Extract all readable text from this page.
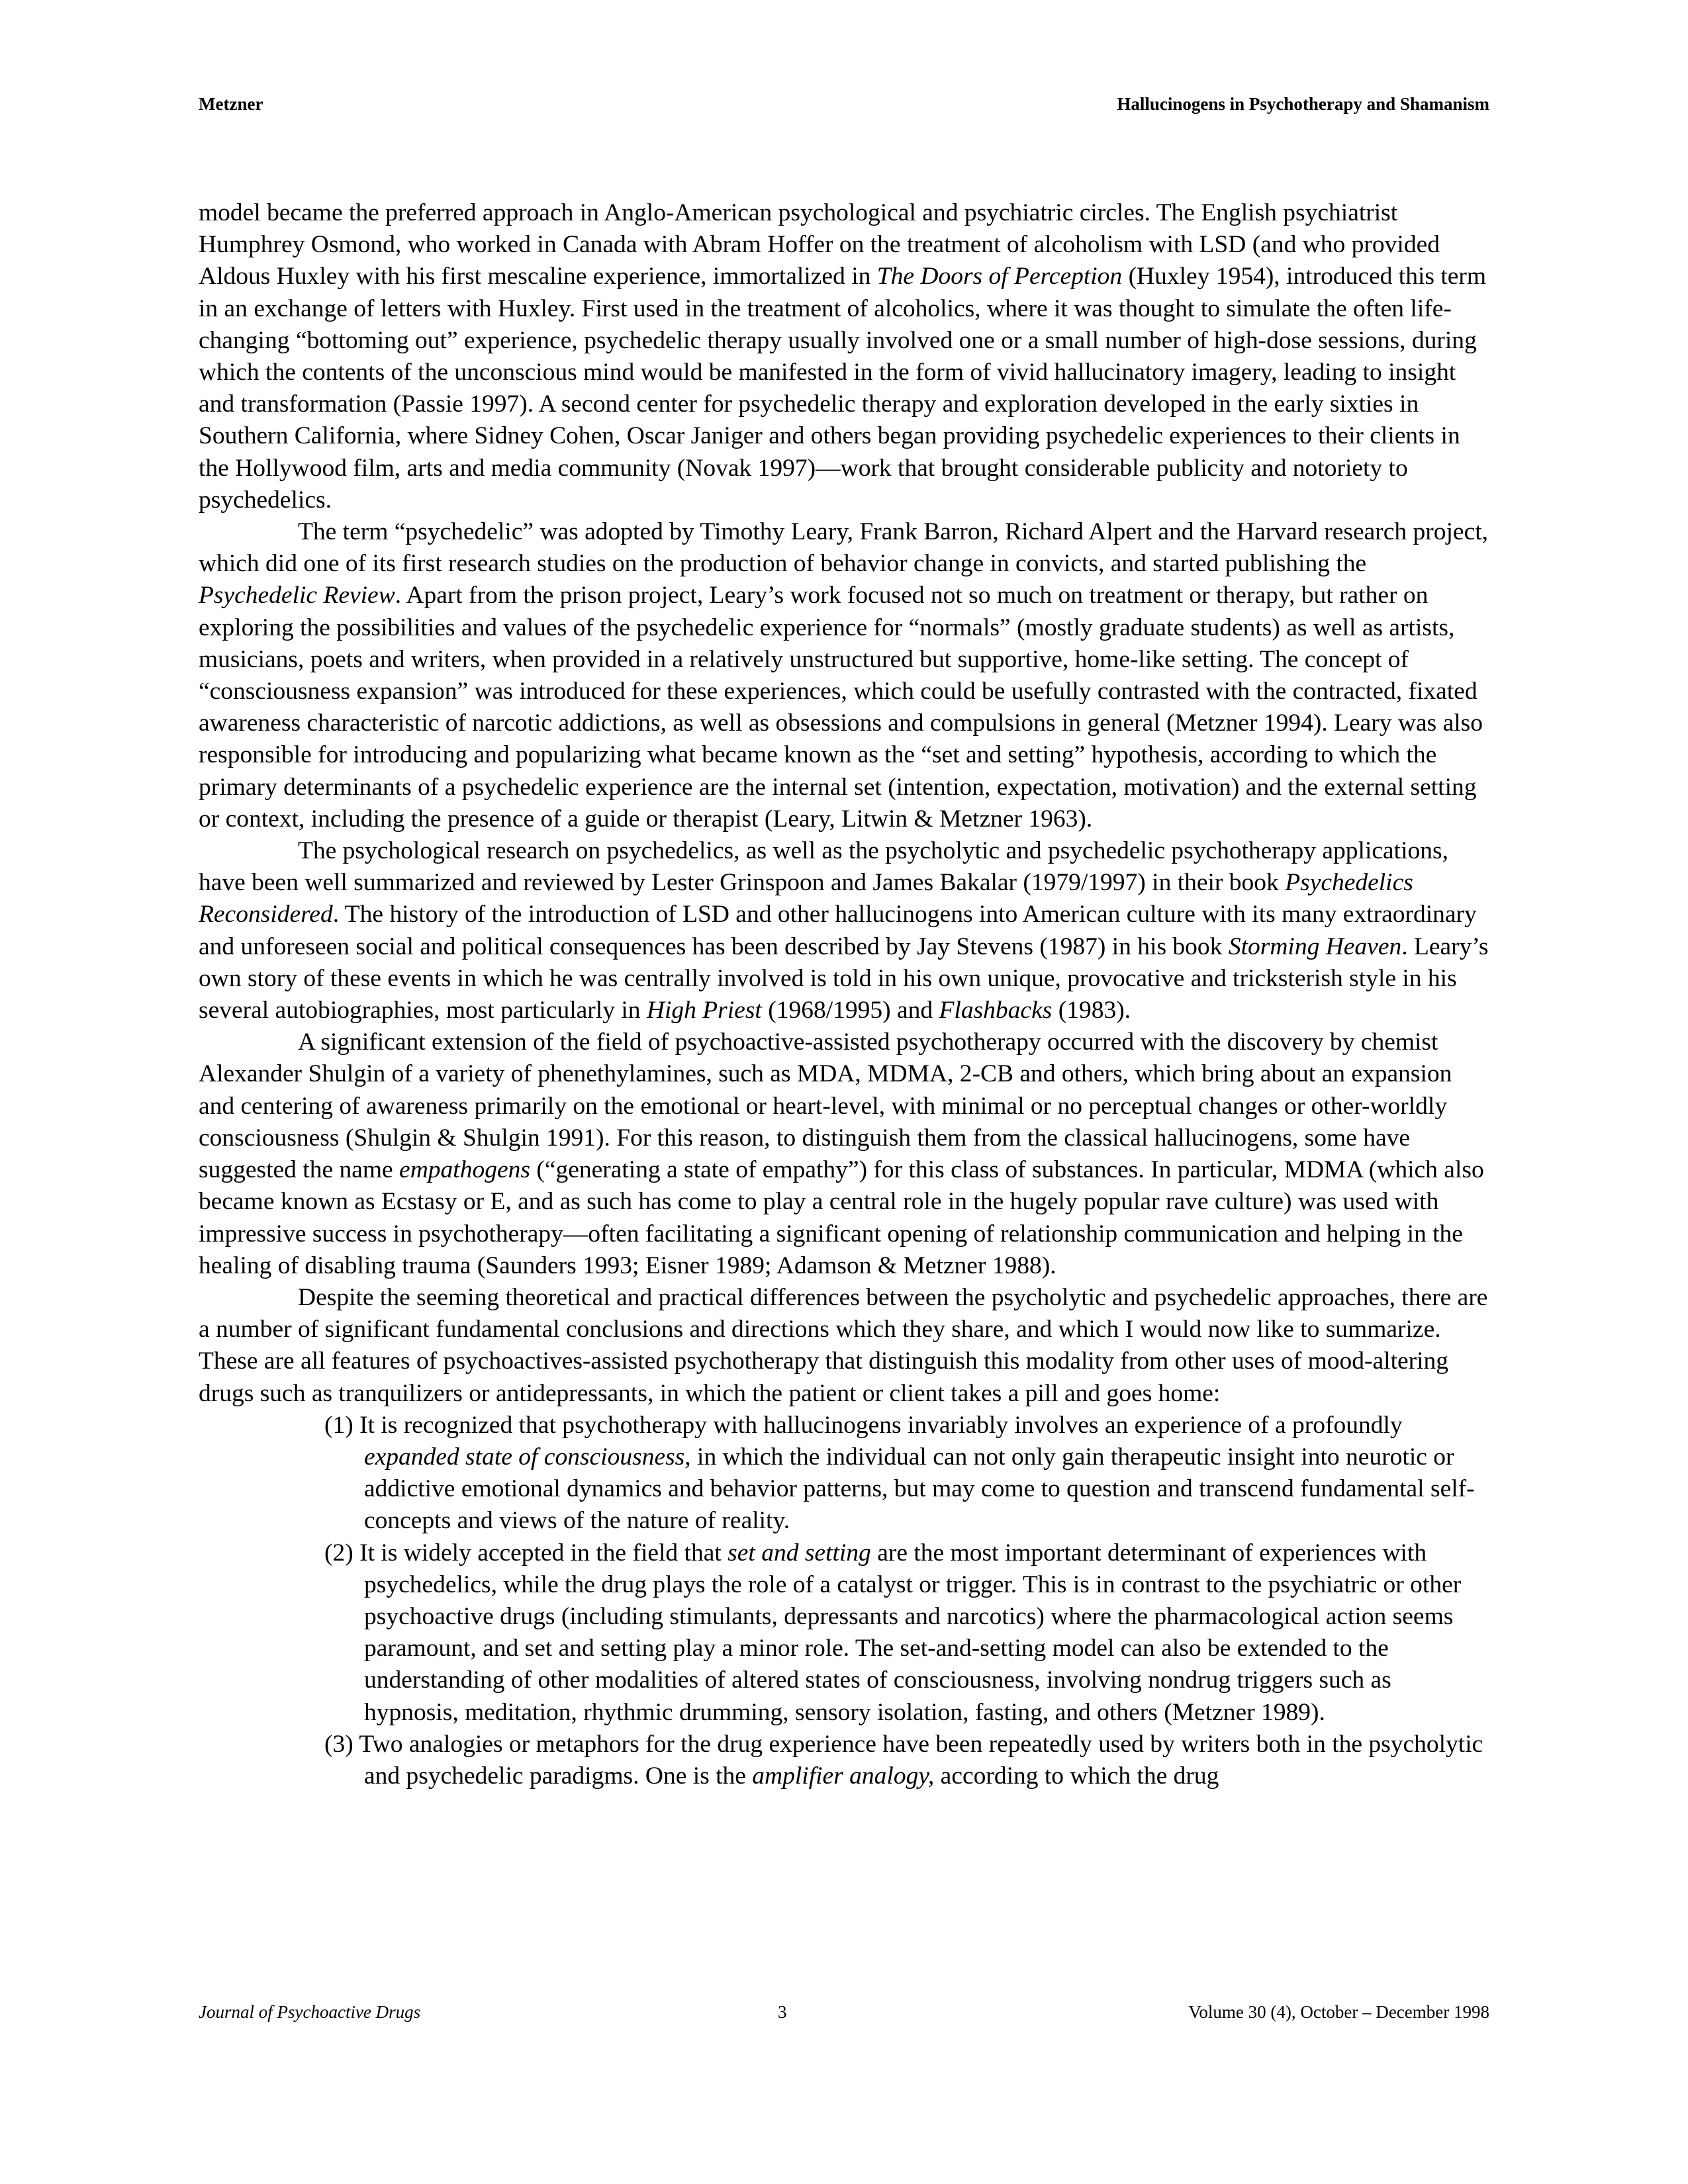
Metzner	Hallucinogens in Psychotherapy and Shamanism

model became the preferred approach in Anglo-American psychological and psychiatric circles. The English psychiatrist Humphrey Osmond, who worked in Canada with Abram Hoffer on the treatment of alcoholism with LSD (and who provided Aldous Huxley with his first mescaline experience, immortalized in The Doors of Perception (Huxley 1954), introduced this term in an exchange of letters with Huxley. First used in the treatment of alcoholics, where it was thought to simulate the often life-changing “bottoming out” experience, psychedelic therapy usually involved one or a small number of high-dose sessions, during which the contents of the unconscious mind would be manifested in the form of vivid hallucinatory imagery, leading to insight and transformation (Passie 1997). A second center for psychedelic therapy and exploration developed in the early sixties in Southern California, where Sidney Cohen, Oscar Janiger and others began providing psychedelic experiences to their clients in the Hollywood film, arts and media community (Novak 1997)—work that brought considerable publicity and notoriety to psychedelics.

The term “psychedelic” was adopted by Timothy Leary, Frank Barron, Richard Alpert and the Harvard research project, which did one of its first research studies on the production of behavior change in convicts, and started publishing the Psychedelic Review. Apart from the prison project, Leary’s work focused not so much on treatment or therapy, but rather on exploring the possibilities and values of the psychedelic experience for “normals” (mostly graduate students) as well as artists, musicians, poets and writers, when provided in a relatively unstructured but supportive, home-like setting. The concept of “consciousness expansion” was introduced for these experiences, which could be usefully contrasted with the contracted, fixated awareness characteristic of narcotic addictions, as well as obsessions and compulsions in general (Metzner 1994). Leary was also responsible for introducing and popularizing what became known as the “set and setting” hypothesis, according to which the primary determinants of a psychedelic experience are the internal set (intention, expectation, motivation) and the external setting or context, including the presence of a guide or therapist (Leary, Litwin & Metzner 1963).

The psychological research on psychedelics, as well as the psycholytic and psychedelic psychotherapy applications, have been well summarized and reviewed by Lester Grinspoon and James Bakalar (1979/1997) in their book Psychedelics Reconsidered. The history of the introduction of LSD and other hallucinogens into American culture with its many extraordinary and unforeseen social and political consequences has been described by Jay Stevens (1987) in his book Storming Heaven. Leary’s own story of these events in which he was centrally involved is told in his own unique, provocative and tricksterish style in his several autobiographies, most particularly in High Priest (1968/1995) and Flashbacks (1983).

A significant extension of the field of psychoactive-assisted psychotherapy occurred with the discovery by chemist Alexander Shulgin of a variety of phenethylamines, such as MDA, MDMA, 2-CB and others, which bring about an expansion and centering of awareness primarily on the emotional or heart-level, with minimal or no perceptual changes or other-worldly consciousness (Shulgin & Shulgin 1991). For this reason, to distinguish them from the classical hallucinogens, some have suggested the name empathogens (“generating a state of empathy”) for this class of substances. In particular, MDMA (which also became known as Ecstasy or E, and as such has come to play a central role in the hugely popular rave culture) was used with impressive success in psychotherapy—often facilitating a significant opening of relationship communication and helping in the healing of disabling trauma (Saunders 1993; Eisner 1989; Adamson & Metzner 1988).

Despite the seeming theoretical and practical differences between the psycholytic and psychedelic approaches, there are a number of significant fundamental conclusions and directions which they share, and which I would now like to summarize. These are all features of psychoactives-assisted psychotherapy that distinguish this modality from other uses of mood-altering drugs such as tranquilizers or antidepressants, in which the patient or client takes a pill and goes home:

(1) It is recognized that psychotherapy with hallucinogens invariably involves an experience of a profoundly expanded state of consciousness, in which the individual can not only gain therapeutic insight into neurotic or addictive emotional dynamics and behavior patterns, but may come to question and transcend fundamental self-concepts and views of the nature of reality.

(2) It is widely accepted in the field that set and setting are the most important determinant of experiences with psychedelics, while the drug plays the role of a catalyst or trigger. This is in contrast to the psychiatric or other psychoactive drugs (including stimulants, depressants and narcotics) where the pharmacological action seems paramount, and set and setting play a minor role. The set-and-setting model can also be extended to the understanding of other modalities of altered states of consciousness, involving nondrug triggers such as hypnosis, meditation, rhythmic drumming, sensory isolation, fasting, and others (Metzner 1989).

(3) Two analogies or metaphors for the drug experience have been repeatedly used by writers both in the psycholytic and psychedelic paradigms. One is the amplifier analogy, according to which the drug

Journal of Psychoactive Drugs	3	Volume 30 (4), October – December 1998
